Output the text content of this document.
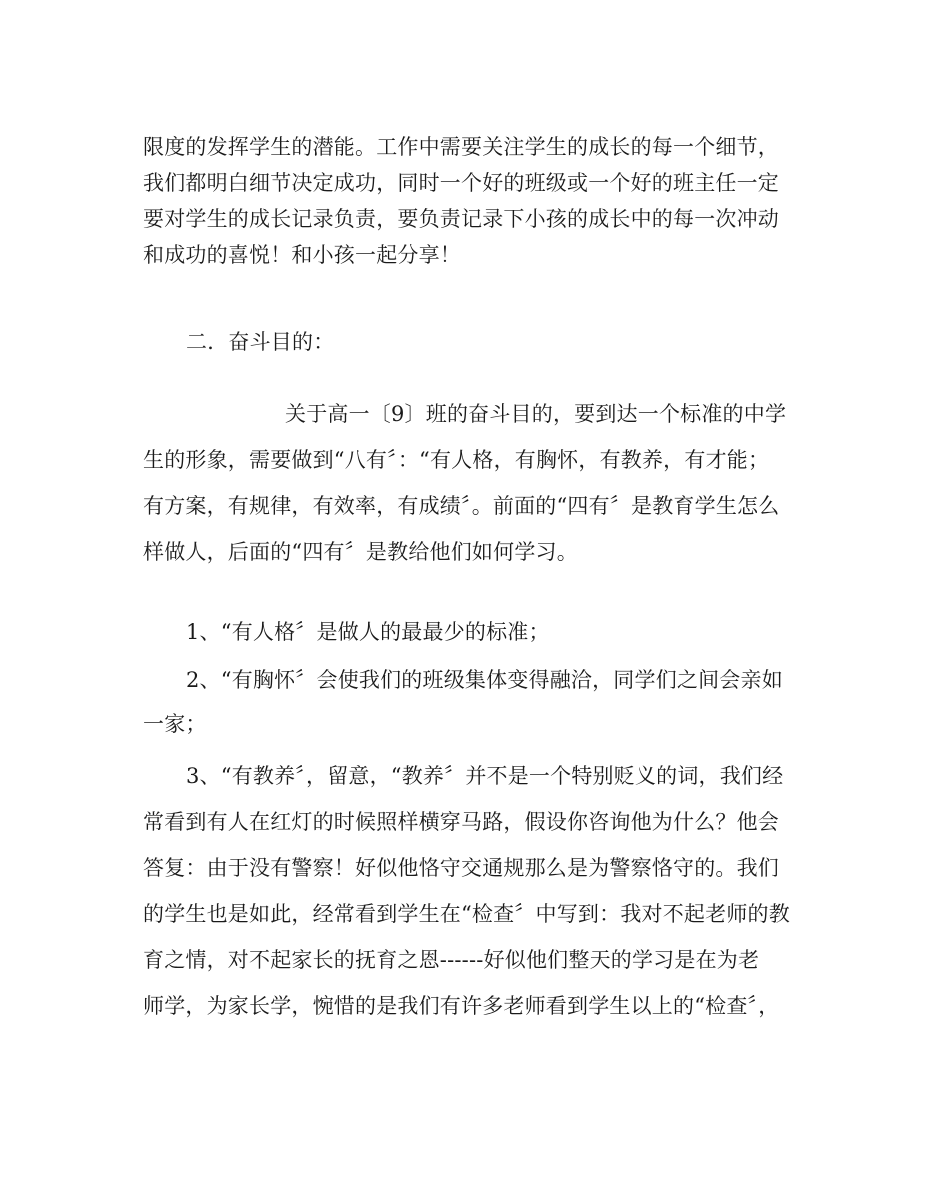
限度的发挥学生的潜能。工作中需要关注学生的成长的每一个细节，
我们都明白细节决定成功，同时一个好的班级或一个好的班主任一定
要对学生的成长记录负责，要负责记录下小孩的成长中的每一次冲动
和成功的喜悦！和小孩一起分享！
二．奋斗目的：
关于高一〔9〕班的奋斗目的，要到达一个标准的中学
生的形象，需要做到“八有〞：“有人格，有胸怀，有教养，有才能；
有方案，有规律，有效率，有成绩〞。前面的“四有〞是教育学生怎么
样做人，后面的“四有〞是教给他们如何学习。
1、“有人格〞是做人的最最少的标准；
2、“有胸怀〞会使我们的班级集体变得融洽，同学们之间会亲如
一家；
3、“有教养〞，留意，“教养〞并不是一个特别贬义的词，我们经
常看到有人在红灯的时候照样横穿马路，假设你咨询他为什么？他会
答复：由于没有警察！好似他恪守交通规那么是为警察恪守的。我们
的学生也是如此，经常看到学生在“检查〞中写到：我对不起老师的教
育之情，对不起家长的抚育之恩------好似他们整天的学习是在为老
师学，为家长学，惋惜的是我们有许多老师看到学生以上的“检查〞，
